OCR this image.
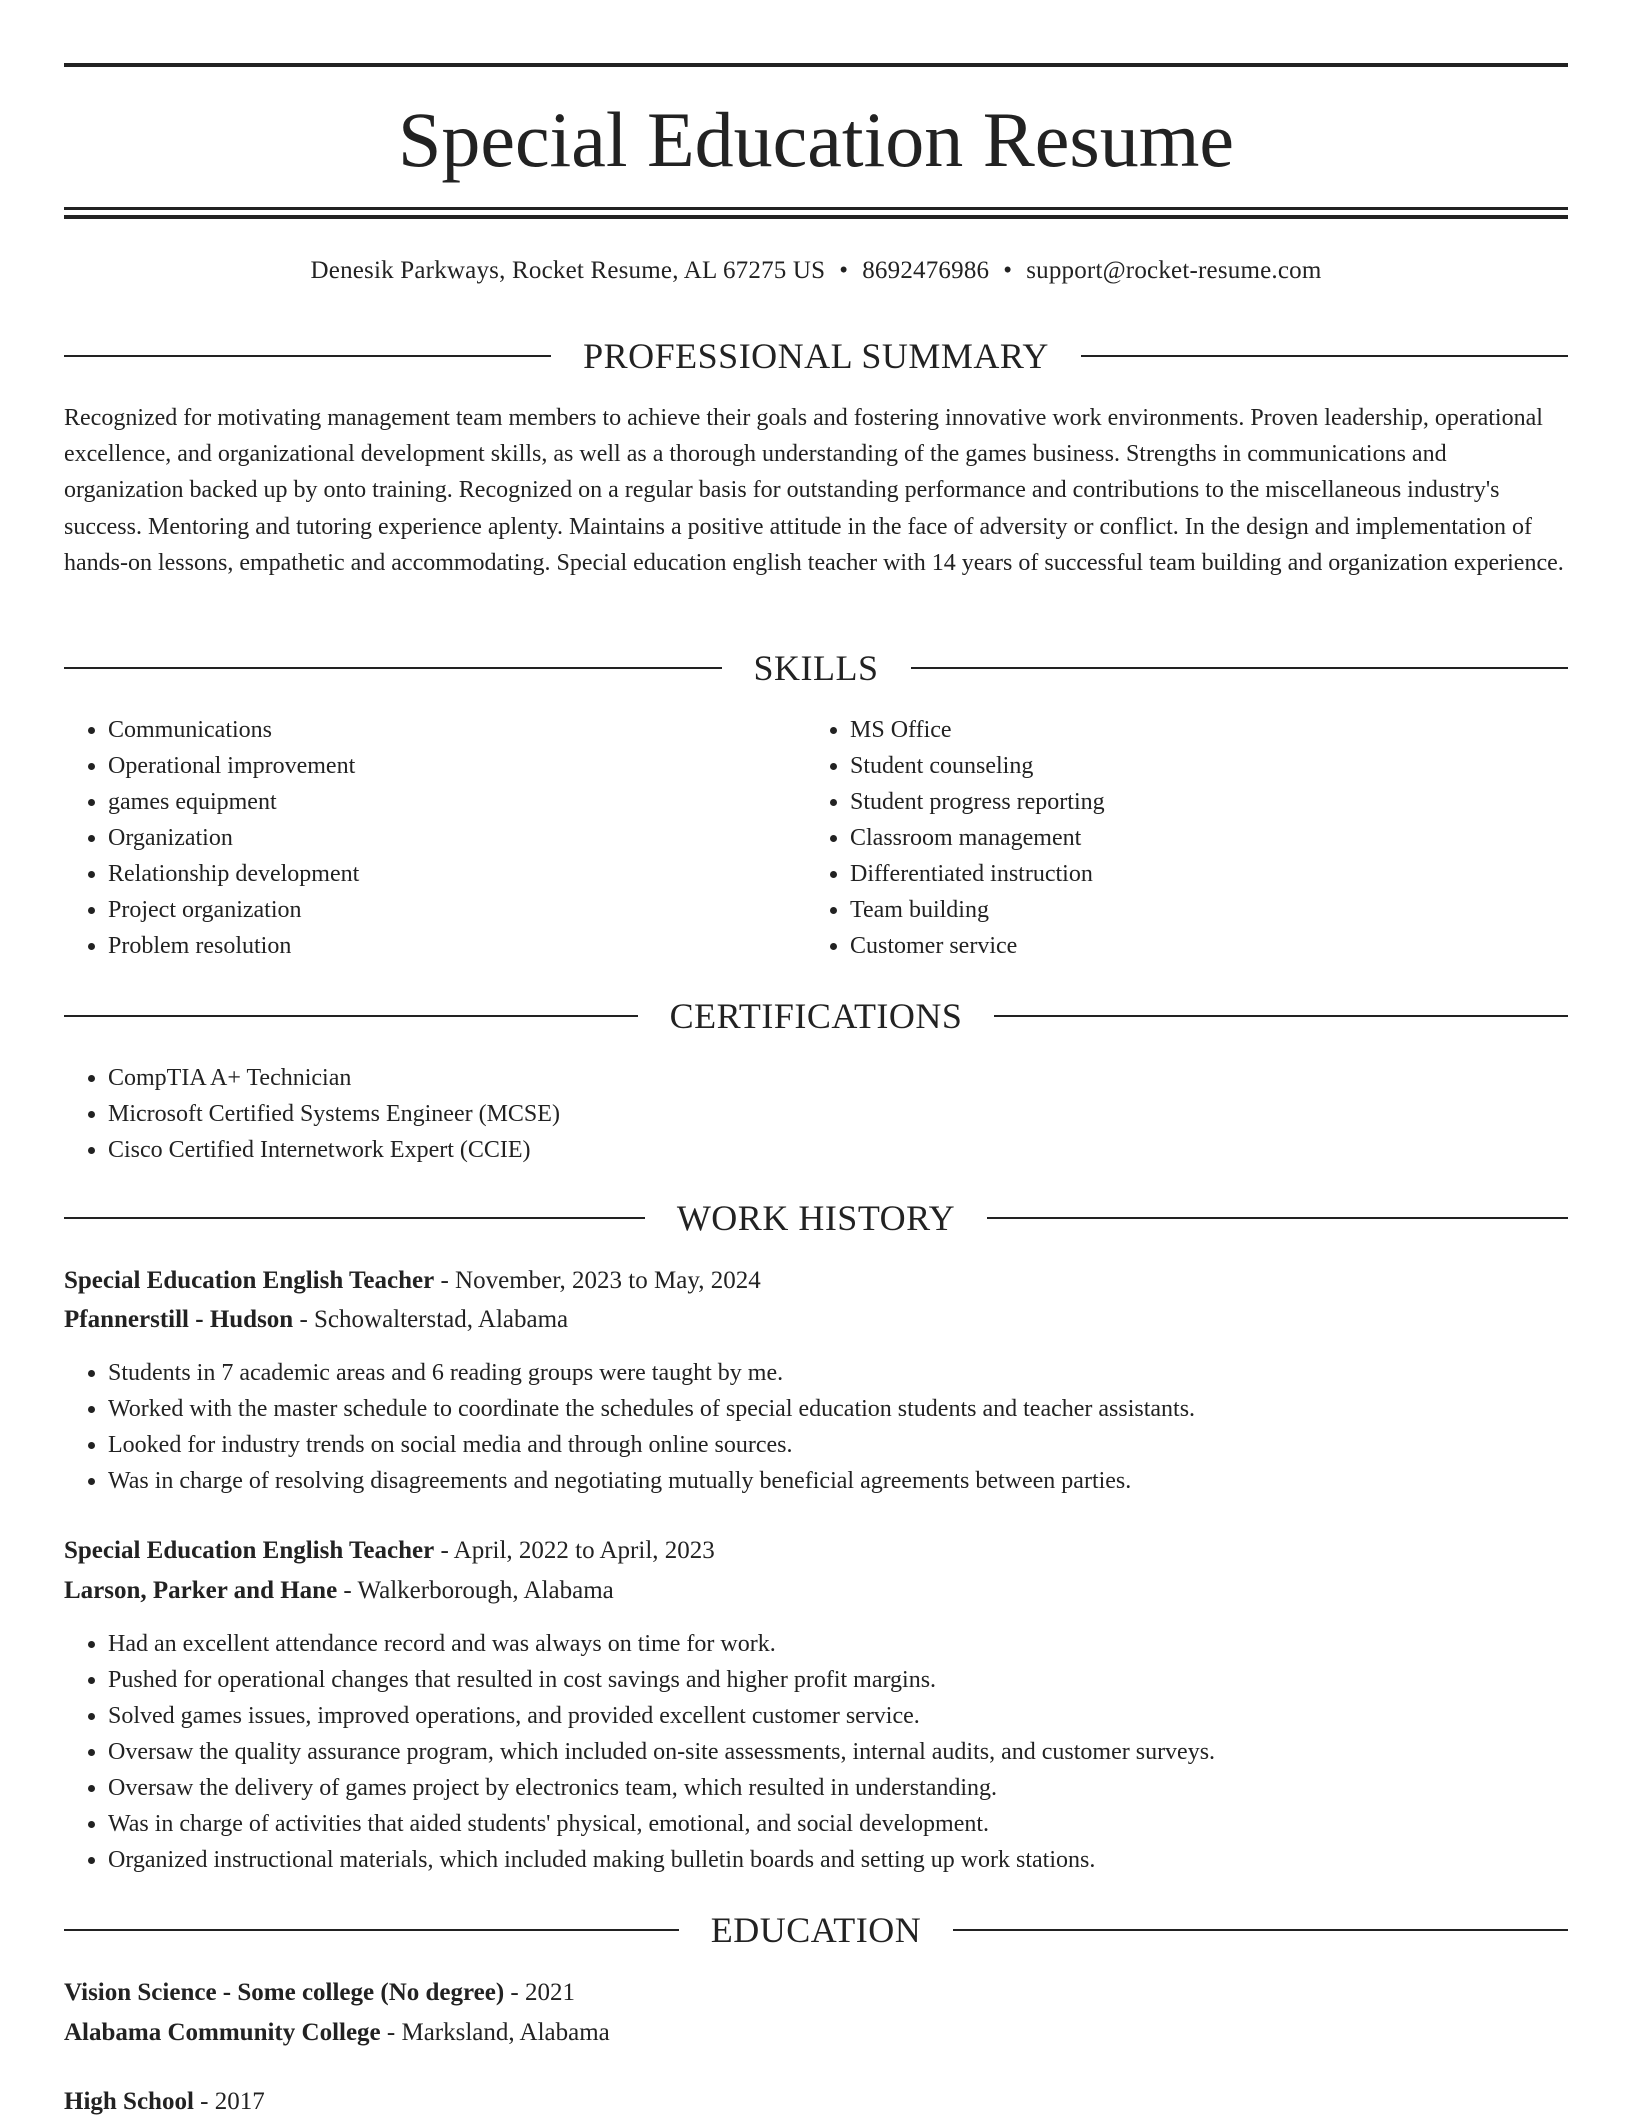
Special Education Resume
Denesik Parkways, Rocket Resume, AL 67275 US • 8692476986 • support@rocket-resume.com
PROFESSIONAL SUMMARY

Recognized for motivating management team members to achieve their goals and fostering innovative work environments. Proven leadership, operational excellence, and organizational development skills, as well as a thorough understanding of the games business. Strengths in communications and organization backed up by onto training. Recognized on a regular basis for outstanding performance and contributions to the miscellaneous industry's success. Mentoring and tutoring experience aplenty. Maintains a positive attitude in the face of adversity or conflict. In the design and implementation of hands-on lessons, empathetic and accommodating. Special education english teacher with 14 years of successful team building and organization experience.

SKILLS
• Communications
• Operational improvement
• games equipment
• Organization
• Relationship development
• Project organization
• Problem resolution
• MS Office
• Student counseling
• Student progress reporting
• Classroom management
• Differentiated instruction
• Team building
• Customer service
CERTIFICATIONS
• CompTIA A+ Technician
• Microsoft Certified Systems Engineer (MCSE)
• Cisco Certified Internetwork Expert (CCIE)
WORK HISTORY
Special Education English Teacher - November, 2023 to May, 2024
Pfannerstill - Hudson - Schowalterstad, Alabama
• Students in 7 academic areas and 6 reading groups were taught by me.
• Worked with the master schedule to coordinate the schedules of special education students and teacher assistants.
• Looked for industry trends on social media and through online sources.
• Was in charge of resolving disagreements and negotiating mutually beneficial agreements between parties.
Special Education English Teacher - April, 2022 to April, 2023
Larson, Parker and Hane - Walkerborough, Alabama
• Had an excellent attendance record and was always on time for work.
• Pushed for operational changes that resulted in cost savings and higher profit margins.
• Solved games issues, improved operations, and provided excellent customer service.
• Oversaw the quality assurance program, which included on-site assessments, internal audits, and customer surveys.
• Oversaw the delivery of games project by electronics team, which resulted in understanding.
• Was in charge of activities that aided students' physical, emotional, and social development.
• Organized instructional materials, which included making bulletin boards and setting up work stations.
EDUCATION
Vision Science - Some college (No degree) - 2021
Alabama Community College - Marksland, Alabama
High School - 2017
